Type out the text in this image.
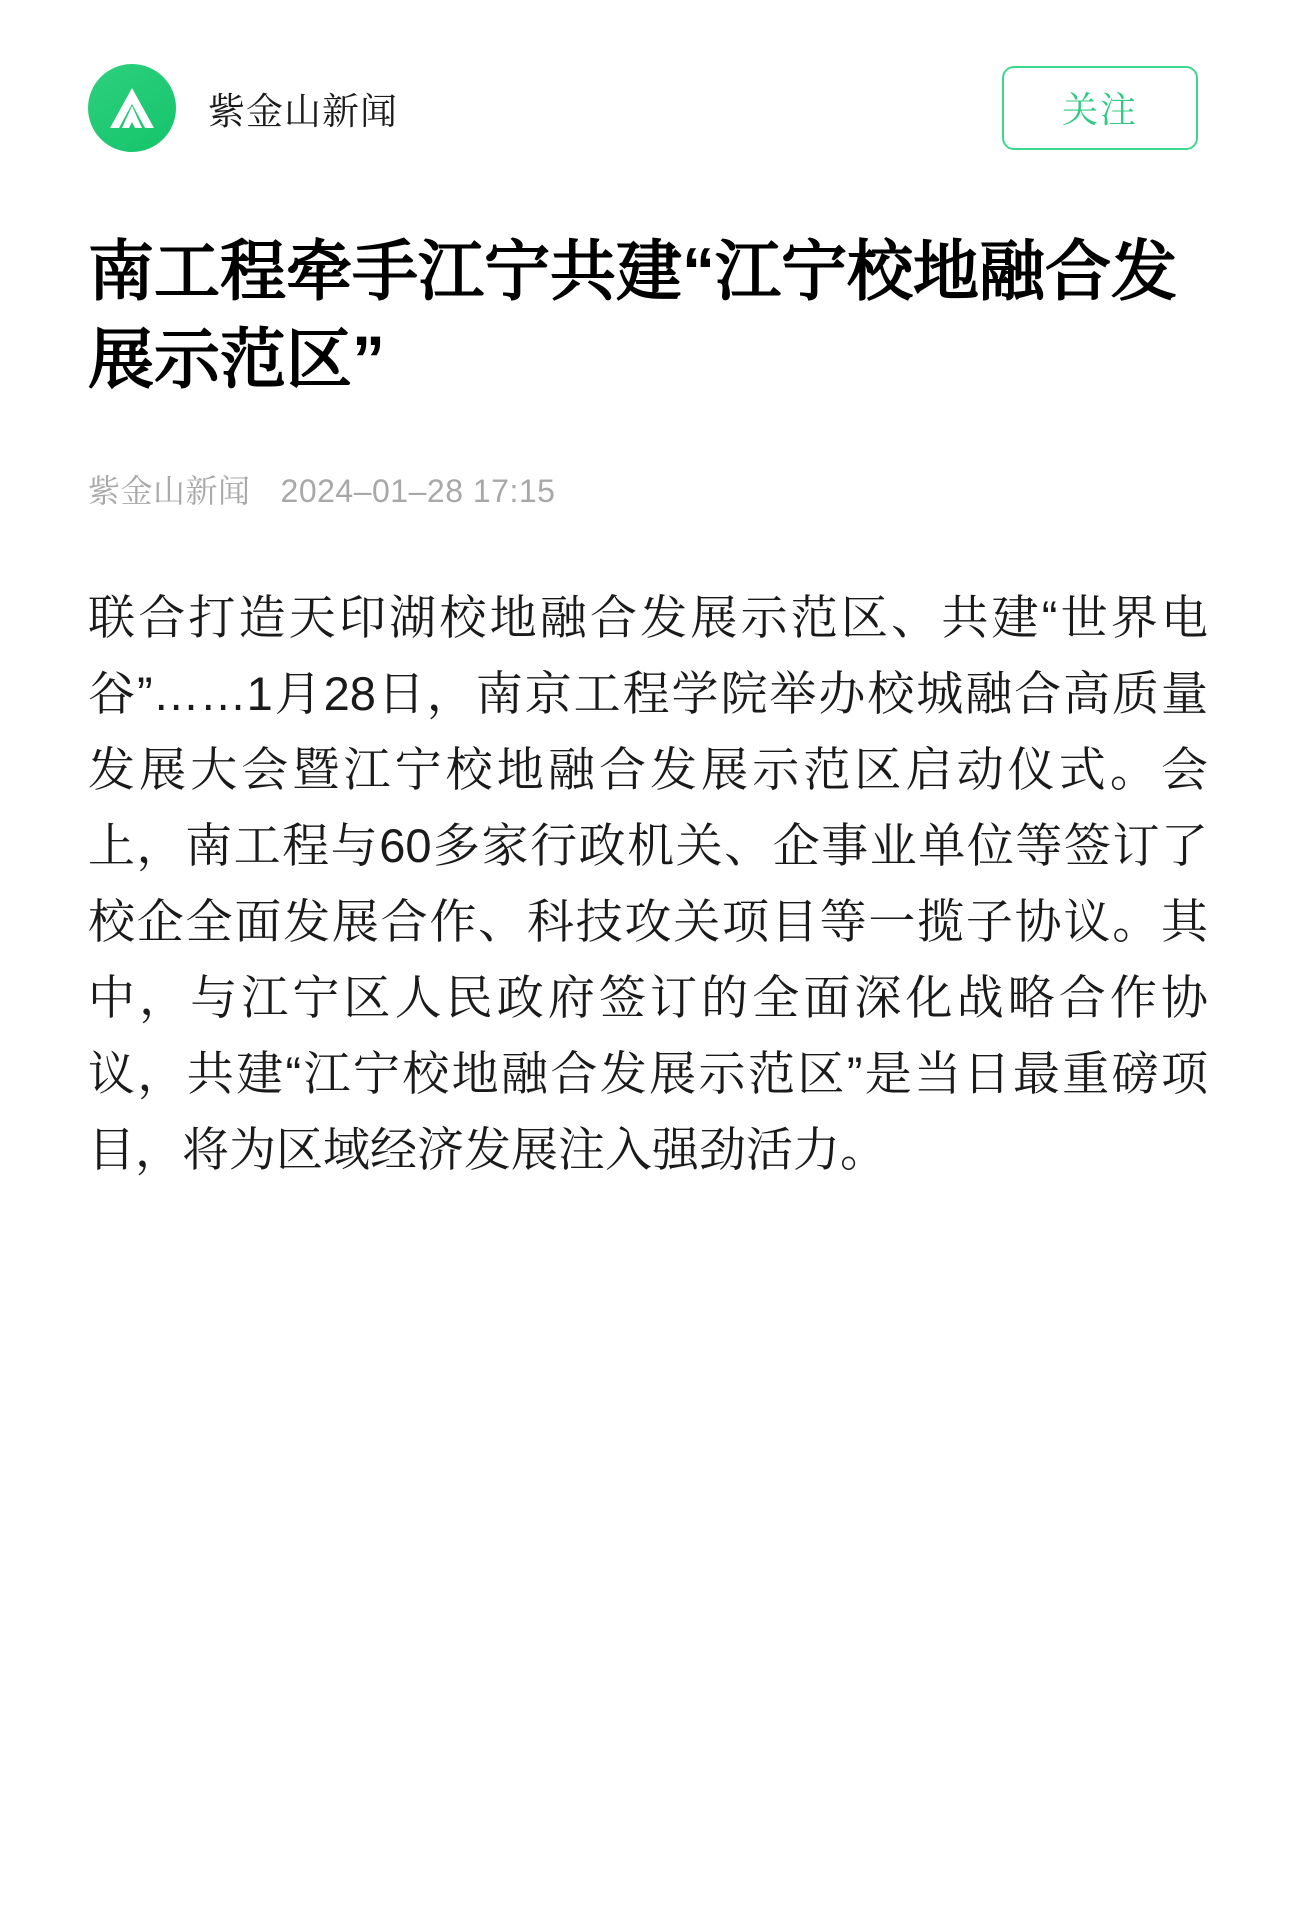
紫金山新闻	关注
南工程牵手江宁共建“江宁校地融合发展示范区”
紫金山新闻 2024–01–28 17:15

联合打造天印湖校地融合发展示范区、共建“世界电谷”……1月28日，南京工程学院举办校城融合高质量发展大会暨江宁校地融合发展示范区启动仪式。会上，南工程与60多家行政机关、企事业单位等签订了校企全面发展合作、科技攻关项目等一揽子协议。其中，与江宁区人民政府签订的全面深化战略合作协议，共建“江宁校地融合发展示范区”是当日最重磅项目，将为区域经济发展注入强劲活力。
